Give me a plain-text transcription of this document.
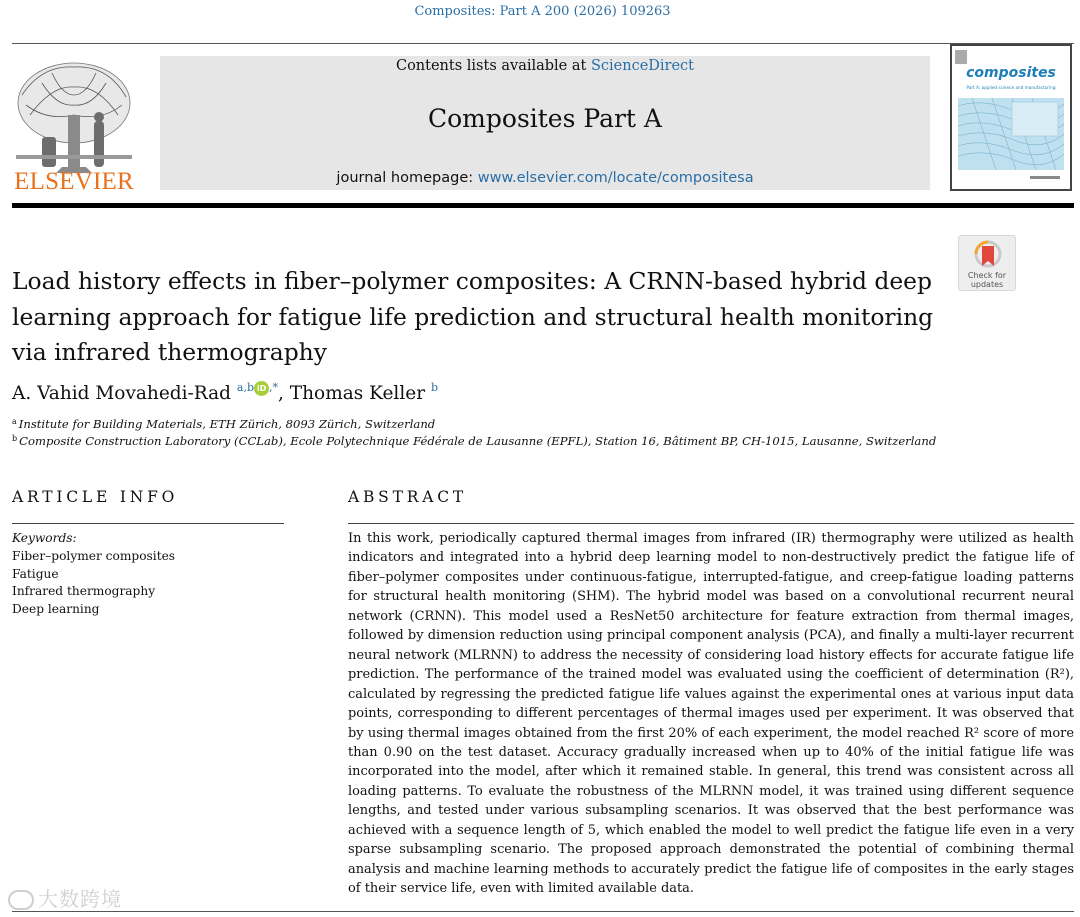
Composites: Part A 200 (2026) 109263
ELSEVIER
Contents lists available at ScienceDirect
Composites Part A
journal homepage: www.elsevier.com/locate/compositesa
composites
Part A: applied science and manufacturing
Check for
updates
Load history effects in fiber–polymer composites: A CRNN-based hybrid deep learning approach for fatigue life prediction and structural health monitoring via infrared thermography
A. Vahid Movahedi-Rad $^{a,b}$ iD ,*, Thomas Keller $^b$
$^a$ Institute for Building Materials, ETH Zürich, 8093 Zürich, Switzerland
$^b$ Composite Construction Laboratory (CCLab), Ecole Polytechnique Fédérale de Lausanne (EPFL), Station 16, Bâtiment BP, CH-1015, Lausanne, Switzerland
ARTICLE INFO
Keywords:
Fiber–polymer composites
Fatigue
Infrared thermography
Deep learning
ABSTRACT

In this work, periodically captured thermal images from infrared (IR) thermography were utilized as health indicators and integrated into a hybrid deep learning model to non-destructively predict the fatigue life of fiber–polymer composites under continuous-fatigue, interrupted-fatigue, and creep-fatigue loading patterns for structural health monitoring (SHM). The hybrid model was based on a convolutional recurrent neural network (CRNN). This model used a ResNet50 architecture for feature extraction from thermal images, followed by dimension reduction using principal component analysis (PCA), and finally a multi-layer recurrent neural network (MLRNN) to address the necessity of considering load history effects for accurate fatigue life prediction. The performance of the trained model was evaluated using the coefficient of determination (R²), calculated by regressing the predicted fatigue life values against the experimental ones at various input data points, corresponding to different percentages of thermal images used per experiment. It was observed that by using thermal images obtained from the first 20% of each experiment, the model reached R² score of more than 0.90 on the test dataset. Accuracy gradually increased when up to 40% of the initial fatigue life was incorporated into the model, after which it remained stable. In general, this trend was consistent across all loading patterns. To evaluate the robustness of the MLRNN model, it was trained using different sequence lengths, and tested under various subsampling scenarios. It was observed that the best performance was achieved with a sequence length of 5, which enabled the model to well predict the fatigue life even in a very sparse subsampling scenario. The proposed approach demonstrated the potential of combining thermal analysis and machine learning methods to accurately predict the fatigue life of composites in the early stages of their service life, even with limited available data.

大数跨境
